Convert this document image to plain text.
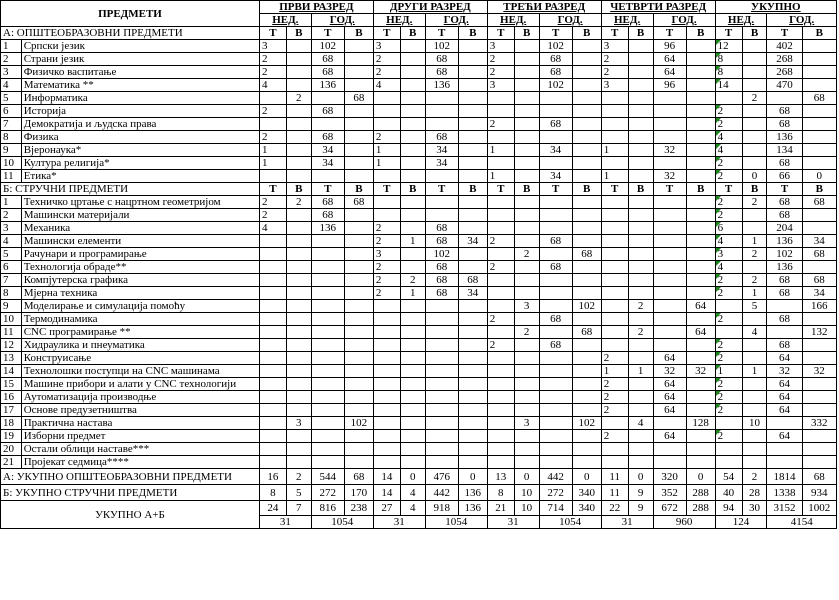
ПРЕДМЕТИ		ПРВИ РАЗРЕД				ДРУГИ РАЗРЕД				ТРЕЋИ РАЗРЕД				ЧЕТВРТИ РАЗРЕД				УКУПНО			
		НЕД.		ГОД.		НЕД.		ГОД.		НЕД.		ГОД.		НЕД.		ГОД.		НЕД.		ГОД.	
А: ОПШТЕОБРАЗОВНИ ПРЕДМЕТИ		Т	В	Т	В	Т	В	Т	В	Т	В	Т	В	Т	В	Т	В	Т	В	Т	В
1	Српски језик	3		102		3		102		3		102		3		96		12		402	
2	Страни језик	2		68		2		68		2		68		2		64		8		268	
3	Физичко васпитање	2		68		2		68		2		68		2		64		8		268	
4	Математика **	4		136		4		136		3		102		3		96		14		470	
5	Информатика		2		68														2		68
6	Историја	2		68														2		68	
7	Демократија и људска права									2		68						2		68	
8	Физика	2		68		2		68										4		136	
9	Вјеронаука*	1		34		1		34		1		34		1		32		4		134	
10	Култура религија*	1		34		1		34										2		68	
11	Етика*									1		34		1		32		2	0	66	0
Б: СТРУЧНИ ПРЕДМЕТИ		Т	В	Т	В	Т	В	Т	В	Т	В	Т	В	Т	В	Т	В	Т	В	Т	В
1	Техничко цртање с нацртном геометријом	2	2	68	68													2	2	68	68
2	Машински материјали	2		68														2		68	
3	Механика	4		136		2		68										6		204	
4	Машински елементи					2	1	68	34	2		68						4	1	136	34
5	Рачунари и програмирање					3		102			2		68					3	2	102	68
6	Технологија обраде**					2		68		2		68						4		136	
7	Компјутерска графика					2	2	68	68									2	2	68	68
8	Мјерна техника					2	1	68	34									2	1	68	34
9	Моделирање и симулација помоћу										3		102		2		64		5		166
10	Термодинамика									2		68						2		68	
11	CNC програмирање **										2		68		2		64		4		132
12	Хидраулика и пнеуматика									2		68						2		68	
13	Конструисање													2		64		2		64	
14	Технолошки поступци на CNC машинама													1	1	32	32	1	1	32	32
15	Машине прибори и алати у CNC технологији													2		64		2		64	
16	Аутоматизација производње													2		64		2		64	
17	Основе предузетништва													2		64		2		64	
18	Практична настава		3		102						3		102		4		128		10		332
19	Изборни предмет													2		64		2		64	
20	Остали облици наставе***																				
21	Пројекат седмица****																				
А: УКУПНО ОПШТЕОБРАЗОВНИ ПРЕДМЕТИ		16	2	544	68	14	0	476	0	13	0	442	0	11	0	320	0	54	2	1814	68
Б: УКУПНО СТРУЧНИ ПРЕДМЕТИ		8	5	272	170	14	4	442	136	8	10	272	340	11	9	352	288	40	28	1338	934
УКУПНО А+Б		24	7	816	238	27	4	918	136	21	10	714	340	22	9	672	288	94	30	3152	1002
		31		1054		31		1054		31		1054		31		960		124		4154	
